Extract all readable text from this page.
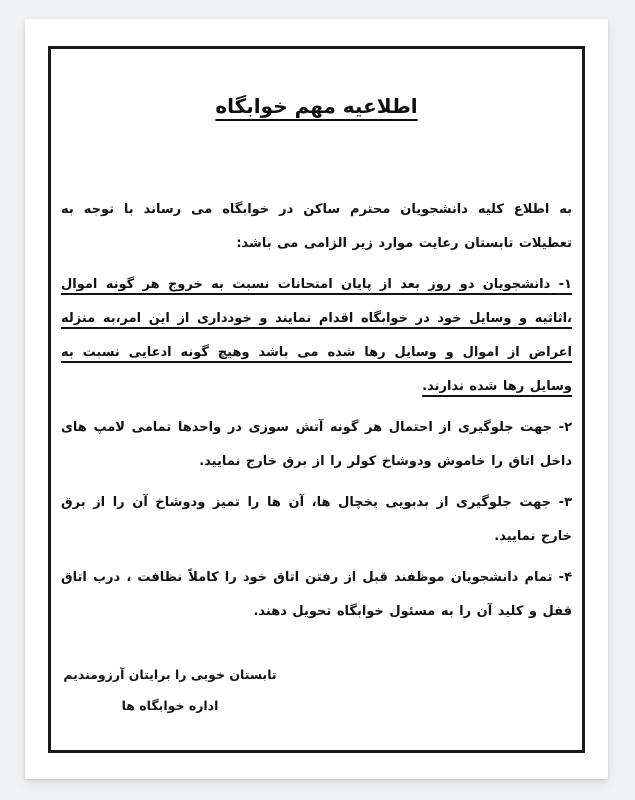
اطلاعیه مهم خوابگاه

به اطلاع کلیه دانشجویان محترم ساکن در خوابگاه می رساند با توجه به تعطیلات تابستان رعایت موارد زیر الزامی می باشد:

۱- دانشجویان دو روز بعد از پایان امتحانات نسبت به خروج هر گونه اموال ،اثاثیه و وسایل خود در خوابگاه اقدام نمایند و خودداری از این امر،به منزله اعراض از اموال و وسایل رها شده می باشد وهیچ گونه ادعایی نسبت به وسایل رها شده ندارند.

۲- جهت جلوگیری از احتمال هر گونه آتش سوزی در واحدها تمامی لامپ های داخل اتاق را خاموش ودوشاخ کولر را از برق خارج نمایید.

۳- جهت جلوگیری از بدبویی یخچال ها، آن ها را تمیز ودوشاخ آن را از برق خارج نمایید.

۴- تمام دانشجویان موظفند قبل از رفتن اتاق خود را کاملاً نظافت ، درب اتاق قفل و کلید آن را به مسئول خوابگاه تحویل دهند.

تابستان خوبی را برایتان آرزومندیم
اداره خوابگاه ها
